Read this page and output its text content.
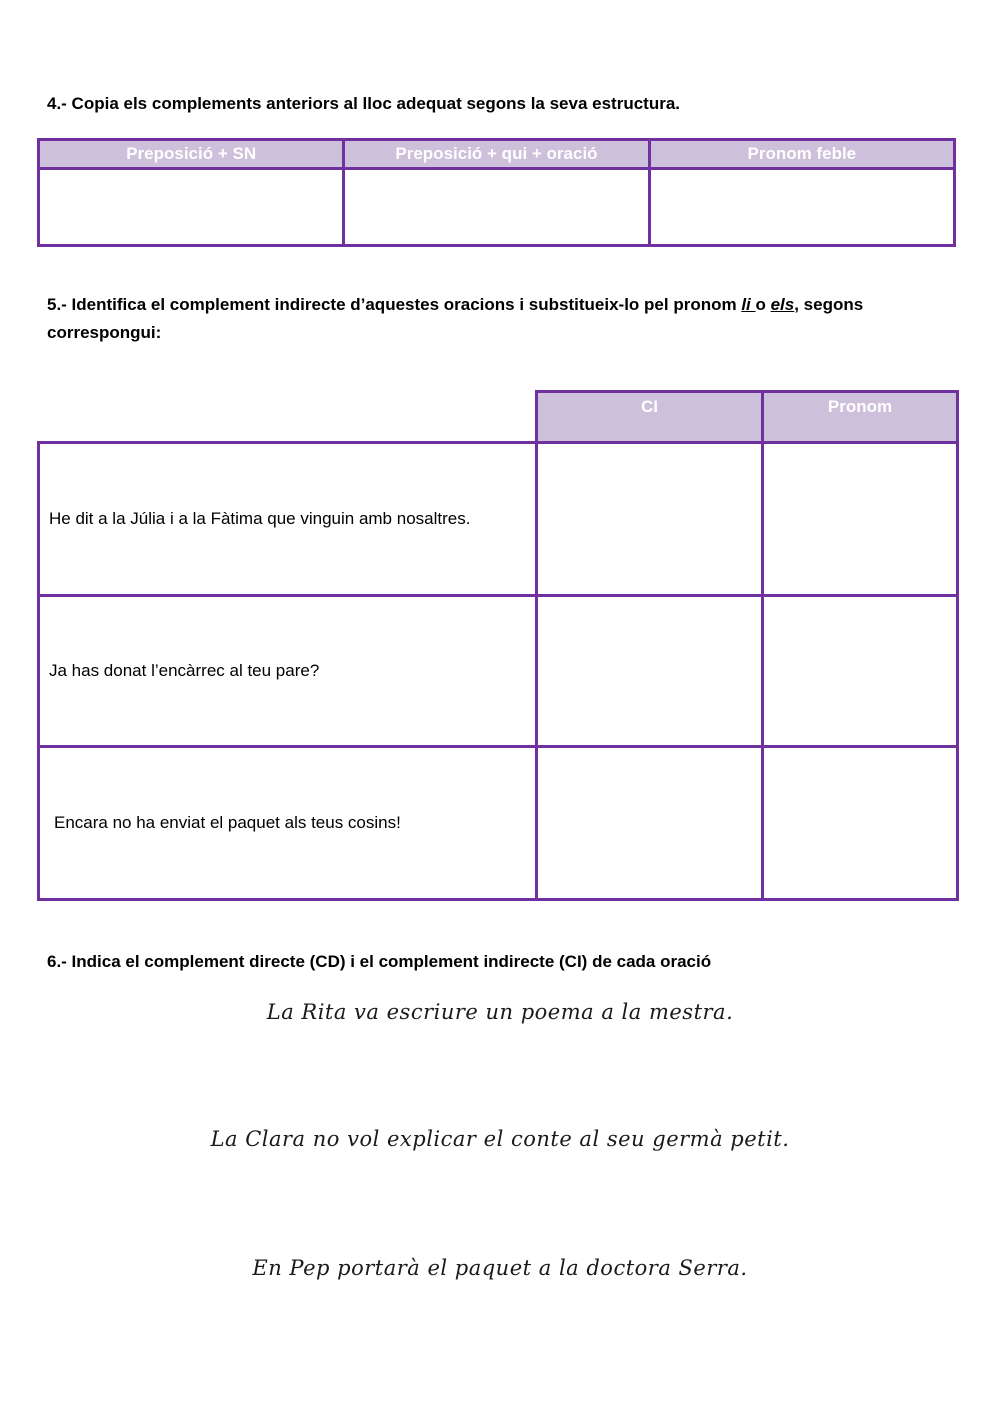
4.- Copia els complements anteriors al lloc adequat segons la seva estructura.

Preposició + SN	Preposició + qui + oració	Pronom feble

5.- Identifica el complement indirecte d’aquestes oracions i substitueix-lo pel pronom li o els, segons correspongui:

	CI	Pronom
He dit a la Júlia i a la Fàtima que vinguin amb nosaltres.		
Ja has donat l’encàrrec al teu pare?		
Encara no ha enviat el paquet als teus cosins!		

6.- Indica el complement directe (CD) i el complement indirecte (CI) de cada oració

La Rita va escriure un poema a la mestra.
La Clara no vol explicar el conte al seu germà petit.
En Pep portarà el paquet a la doctora Serra.
